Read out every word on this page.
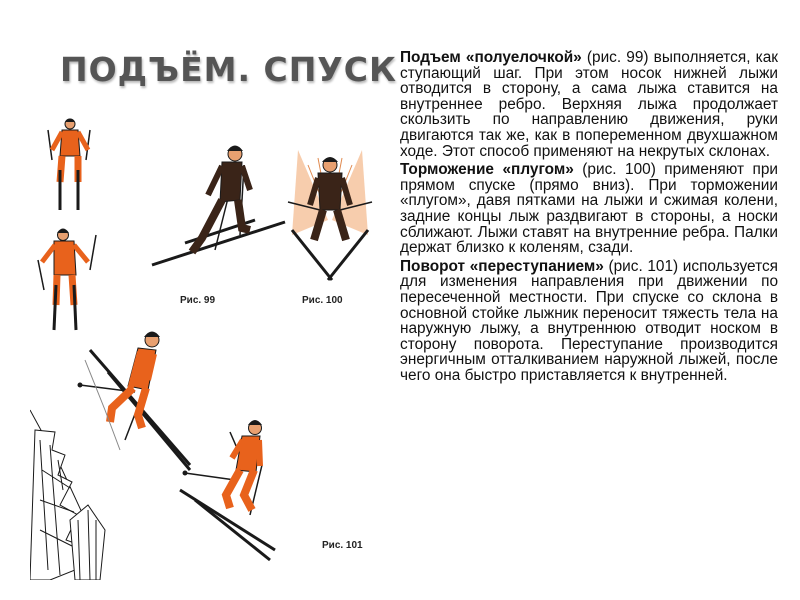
ПОДЪЁМ. СПУСК
Рис. 99	Рис. 100
Рис. 101

Подъем «полуелочкой» (рис. 99) выполняется, как ступающий шаг. При этом носок нижней лыжи отводится в сторону, а сама лыжа ставится на внутреннее ребро. Верхняя лыжа продолжает скользить по направлению движения, руки двигаются так же, как в попеременном двухшажном ходе. Этот способ применяют на некрутых склонах.

Торможение «плугом» (рис. 100) применяют при прямом спуске (прямо вниз). При торможении «плугом», давя пятками на лыжи и сжимая колени, задние концы лыж раздвигают в стороны, а носки сближают. Лыжи ставят на внутренние ребра. Палки держат близко к коленям, сзади.

Поворот «переступанием» (рис. 101) используется для изменения направления при движении по пересеченной местности. При спуске со склона в основной стойке лыжник переносит тяжесть тела на наружную лыжу, а внутреннюю отводит носком в сторону поворота. Переступание производится энергичным отталкиванием наружной лыжей, после чего она быстро приставляется к внутренней.
